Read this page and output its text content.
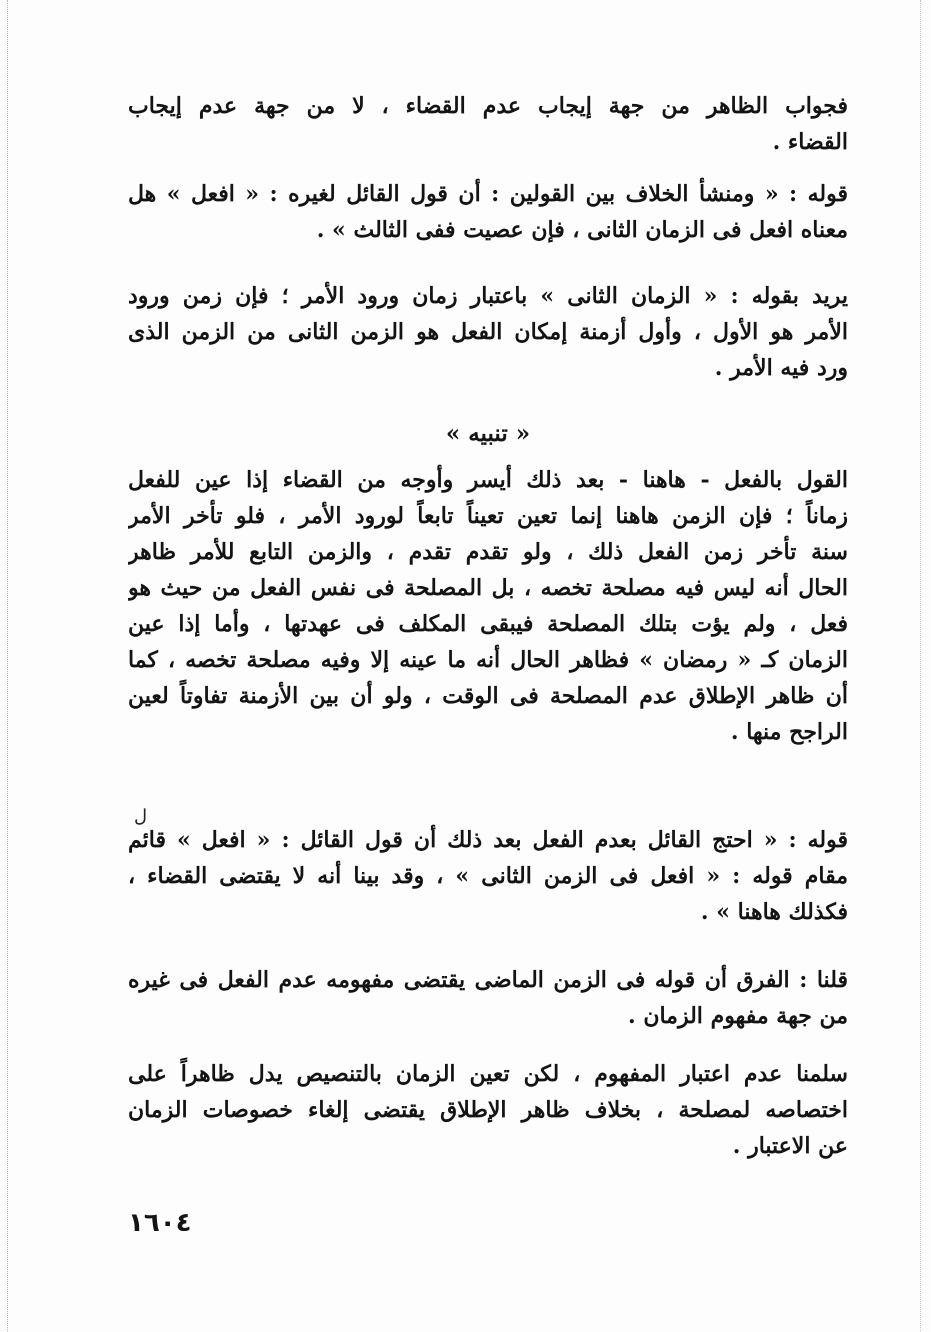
فجواب الظاهر من جهة إيجاب عدم القضاء ، لا من جهة عدم إيجاب
القضاء .
قوله : « ومنشأ الخلاف بين القولين : أن قول القائل لغيره : « افعل » هل
معناه افعل فى الزمان الثانى ، فإن عصيت ففى الثالث » .
يريد بقوله : « الزمان الثانى » باعتبار زمان ورود الأمر ؛ فإن زمن ورود
الأمر هو الأول ، وأول أزمنة إمكان الفعل هو الزمن الثانى من الزمن الذى
ورد فيه الأمر .
« تنبيه »
القول بالفعل - هاهنا - بعد ذلك أيسر وأوجه من القضاء إذا عين للفعل
زماناً ؛ فإن الزمن هاهنا إنما تعين تعيناً تابعاً لورود الأمر ، فلو تأخر الأمر
سنة تأخر زمن الفعل ذلك ، ولو تقدم تقدم ، والزمن التابع للأمر ظاهر
الحال أنه ليس فيه مصلحة تخصه ، بل المصلحة فى نفس الفعل من حيث هو
فعل ، ولم يؤت بتلك المصلحة فيبقى المكلف فى عهدتها ، وأما إذا عين
الزمان كـ « رمضان » فظاهر الحال أنه ما عينه إلا وفيه مصلحة تخصه ، كما
أن ظاهر الإطلاق عدم المصلحة فى الوقت ، ولو أن بين الأزمنة تفاوتاً لعين
الراجح منها .
ل
قوله : « احتج القائل بعدم الفعل بعد ذلك أن قول القائل : « افعل » قائم
مقام قوله : « افعل فى الزمن الثانى » ، وقد بينا أنه لا يقتضى القضاء ،
فكذلك هاهنا » .
قلنا : الفرق أن قوله فى الزمن الماضى يقتضى مفهومه عدم الفعل فى غيره
من جهة مفهوم الزمان .
سلمنا عدم اعتبار المفهوم ، لكن تعين الزمان بالتنصيص يدل ظاهراً على
اختصاصه لمصلحة ، بخلاف ظاهر الإطلاق يقتضى إلغاء خصوصات الزمان
عن الاعتبار .
١٦٠٤
